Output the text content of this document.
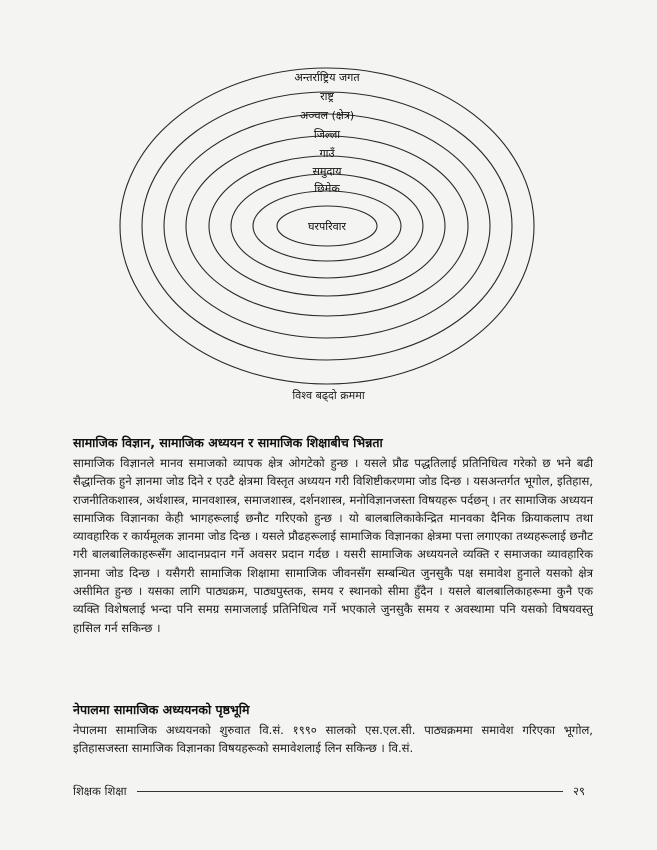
अन्तर्राष्ट्रिय जगत
राष्ट्र
अञ्चल (क्षेत्र)
जिल्ला
गाउँ
समुदाय
छिमेक
घरपरिवार
विश्व बढ्दो क्रममा
सामाजिक विज्ञान, सामाजिक अध्ययन र सामाजिक शिक्षाबीच भिन्नता

सामाजिक विज्ञानले मानव समाजको व्यापक क्षेत्र ओगटेको हुन्छ । यसले प्रौढ पद्धतिलाई प्रतिनिधित्व गरेको छ भने बढी सैद्धान्तिक हुने ज्ञानमा जोड दिने र एउटै क्षेत्रमा विस्तृत अध्ययन गरी विशिष्टीकरणमा जोड दिन्छ । यसअन्तर्गत भूगोल, इतिहास, राजनीतिकशास्त्र, अर्थशास्त्र, मानवशास्त्र, समाजशास्त्र, दर्शनशास्त्र, मनोविज्ञानजस्ता विषयहरू पर्दछन् । तर सामाजिक अध्ययन सामाजिक विज्ञानका केही भागहरूलाई छनौट गरिएको हुन्छ । यो बालबालिकाकेन्द्रित मानवका दैनिक क्रियाकलाप तथा व्यावहारिक र कार्यमूलक ज्ञानमा जोड दिन्छ । यसले प्रौढहरूलाई सामाजिक विज्ञानका क्षेत्रमा पत्ता लगाएका तथ्यहरूलाई छनौट गरी बालबालिकाहरूसँग आदानप्रदान गर्ने अवसर प्रदान गर्दछ । यसरी सामाजिक अध्ययनले व्यक्ति र समाजका व्यावहारिक ज्ञानमा जोड दिन्छ । यसैगरी सामाजिक शिक्षामा सामाजिक जीवनसँग सम्बन्धित जुनसुकै पक्ष समावेश हुनाले यसको क्षेत्र असीमित हुन्छ । यसका लागि पाठ्यक्रम, पाठ्यपुस्तक, समय र स्थानको सीमा हुँदैन । यसले बालबालिकाहरूमा कुनै एक व्यक्ति विशेषलाई भन्दा पनि समग्र समाजलाई प्रतिनिधित्व गर्ने भएकाले जुनसुकै समय र अवस्थामा पनि यसको विषयवस्तु हासिल गर्न सकिन्छ ।

नेपालमा सामाजिक अध्ययनको पृष्ठभूमि

नेपालमा सामाजिक अध्ययनको शुरुवात वि.सं. १९९० सालको एस.एल.सी. पाठ्यक्रममा समावेश गरिएका भूगोल, इतिहासजस्ता सामाजिक विज्ञानका विषयहरूको समावेशलाई लिन सकिन्छ । वि.सं.

शिक्षक शिक्षा	२९
